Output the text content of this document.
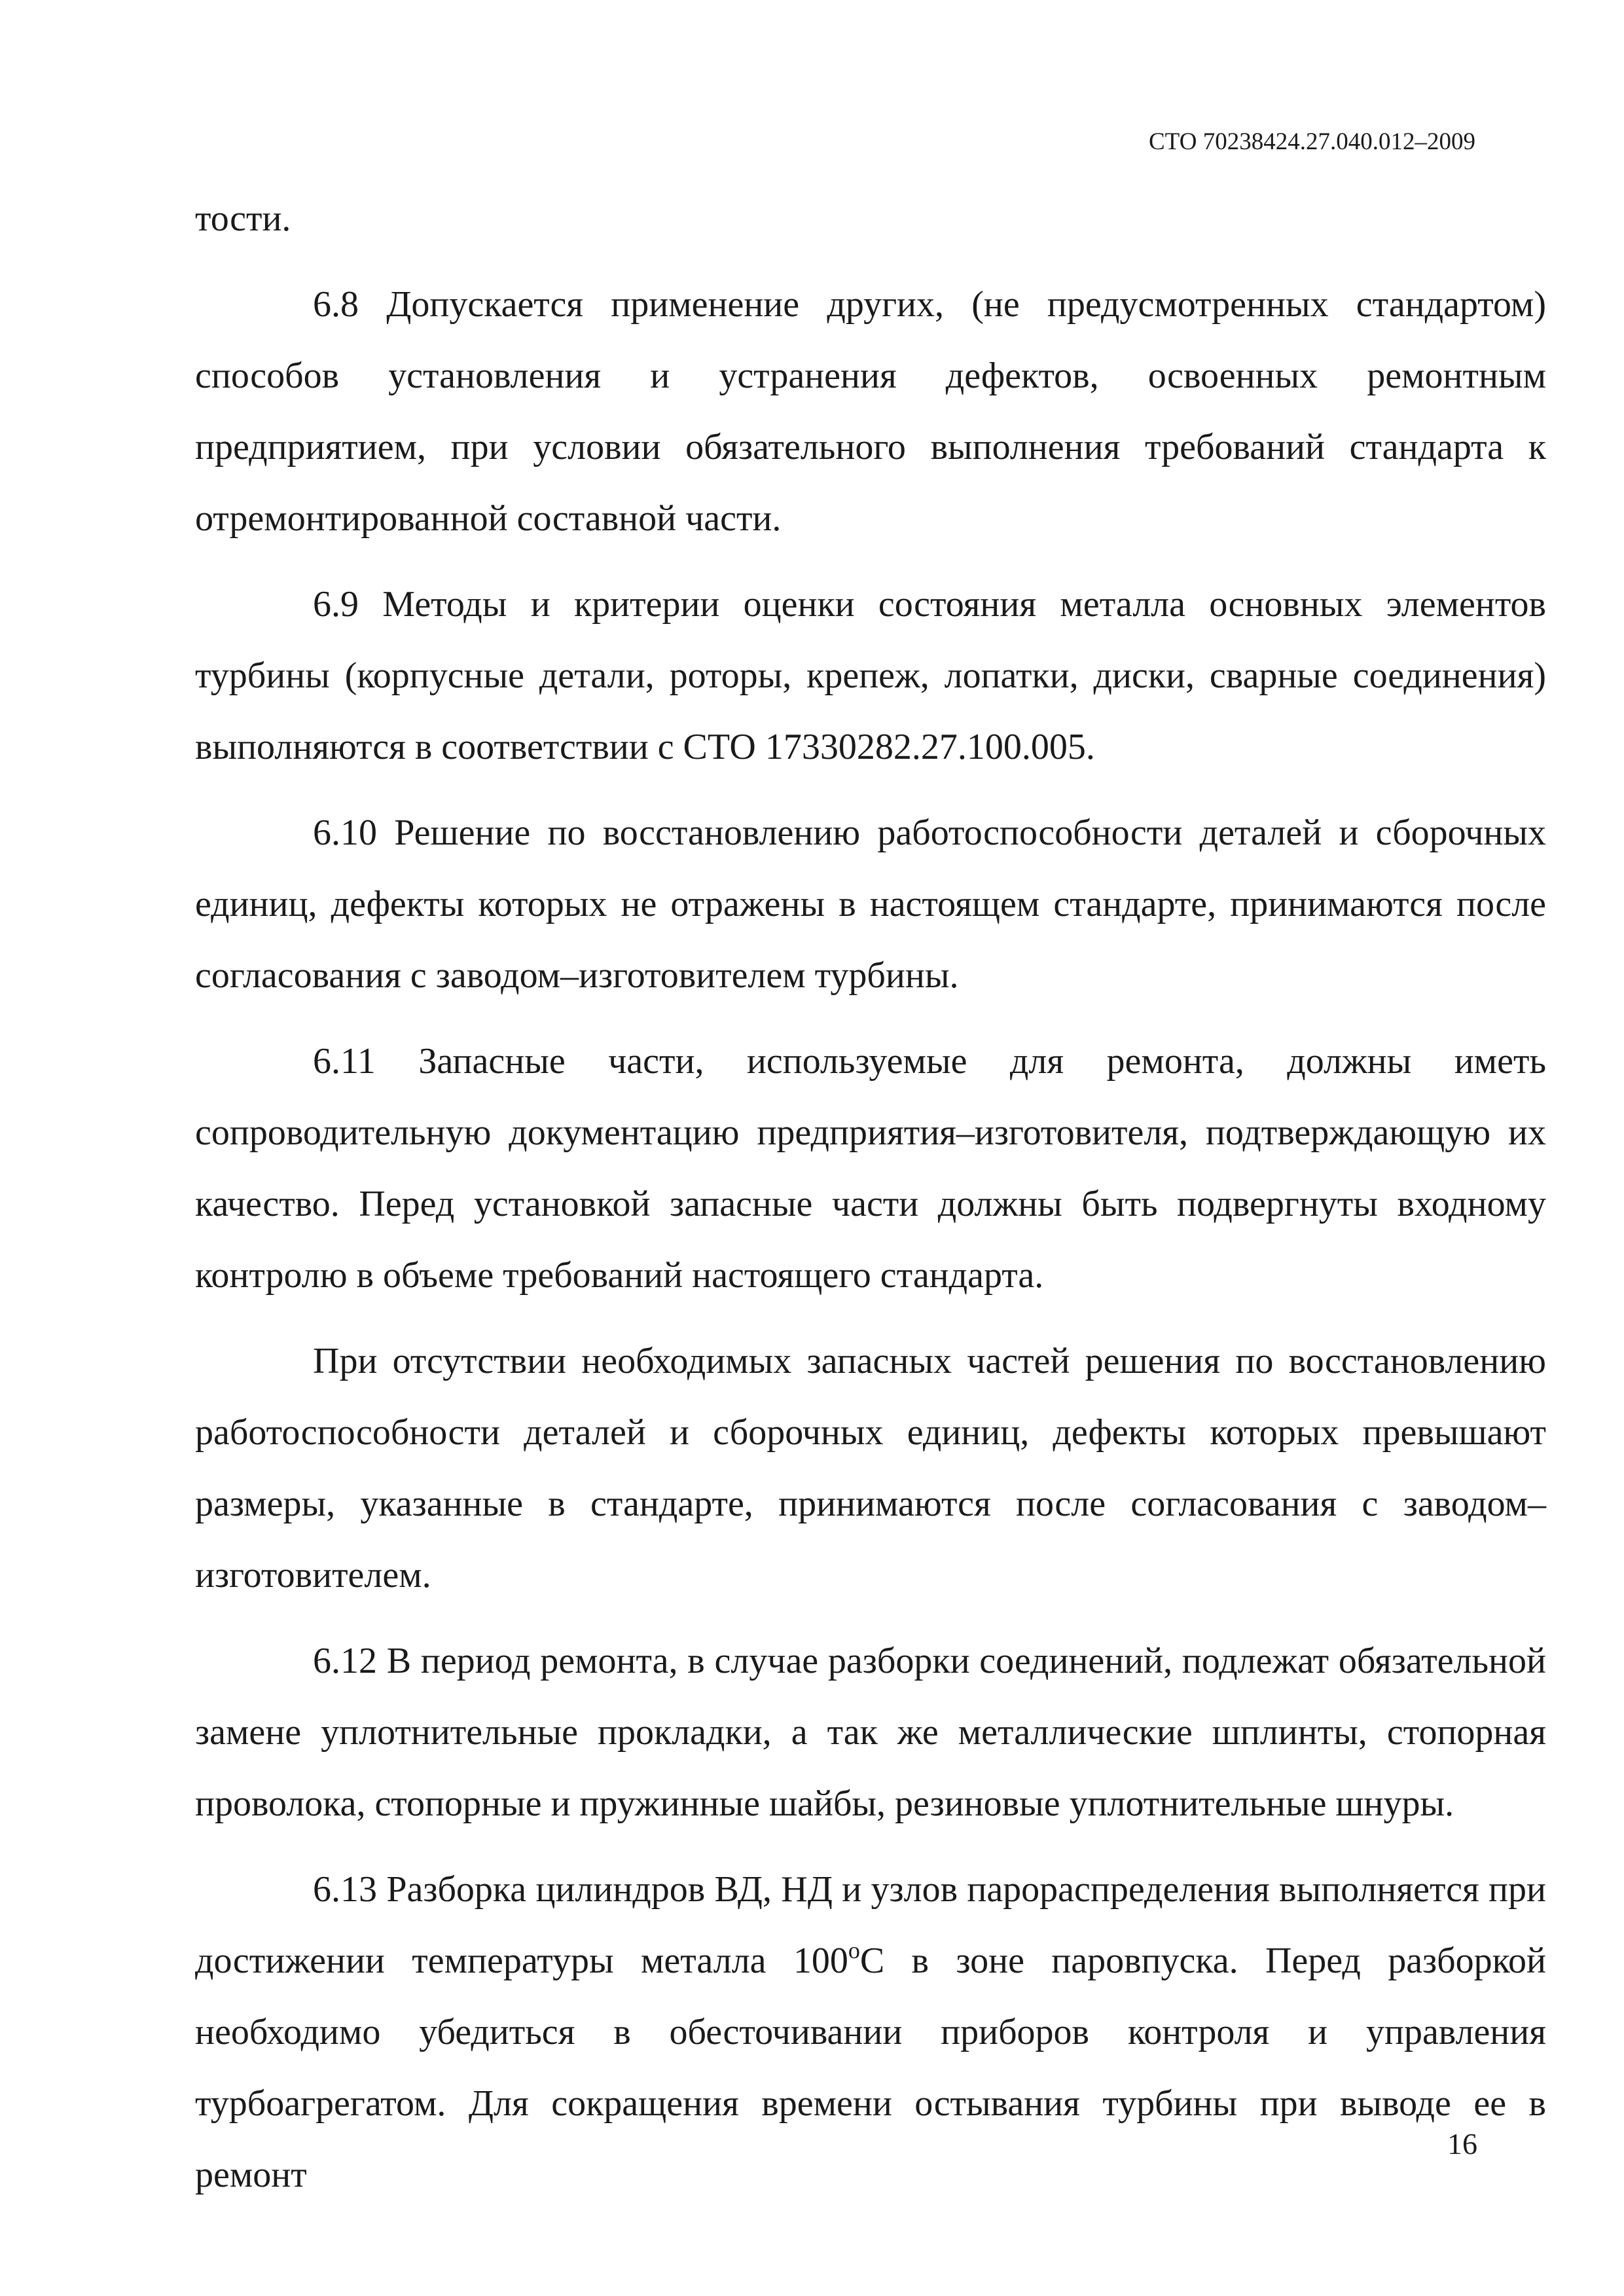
СТО 70238424.27.040.012–2009

тости.

6.8 Допускается применение других, (не предусмотренных стандартом) способов установления и устранения дефектов, освоенных ремонтным предприятием, при условии обязательного выполнения требований стандарта к отремонтированной составной части.

6.9 Методы и критерии оценки состояния металла основных элементов турбины (корпусные детали, роторы, крепеж, лопатки, диски, сварные соединения) выполняются в соответствии с СТО 17330282.27.100.005.

6.10 Решение по восстановлению работоспособности деталей и сборочных единиц, дефекты которых не отражены в настоящем стандарте, принимаются после согласования с заводом–изготовителем турбины.

6.11 Запасные части, используемые для ремонта, должны иметь сопроводительную документацию предприятия–изготовителя, подтверждающую их качество. Перед установкой запасные части должны быть подвергнуты входному контролю в объеме требований настоящего стандарта.

При отсутствии необходимых запасных частей решения по восстановлению работоспособности деталей и сборочных единиц, дефекты которых превышают размеры, указанные в стандарте, принимаются после согласования с заводом–изготовителем.

6.12 В период ремонта, в случае разборки соединений, подлежат обязательной замене уплотнительные прокладки, а так же металлические шплинты, стопорная проволока, стопорные и пружинные шайбы, резиновые уплотнительные шнуры.

6.13 Разборка цилиндров ВД, НД и узлов парораспределения выполняется при достижении температуры металла $100^оС$ в зоне паровпуска. Перед разборкой необходимо убедиться в обесточивании приборов контроля и управления турбоагрегатом. Для сокращения времени остывания турбины при выводе ее в ремонт

16
